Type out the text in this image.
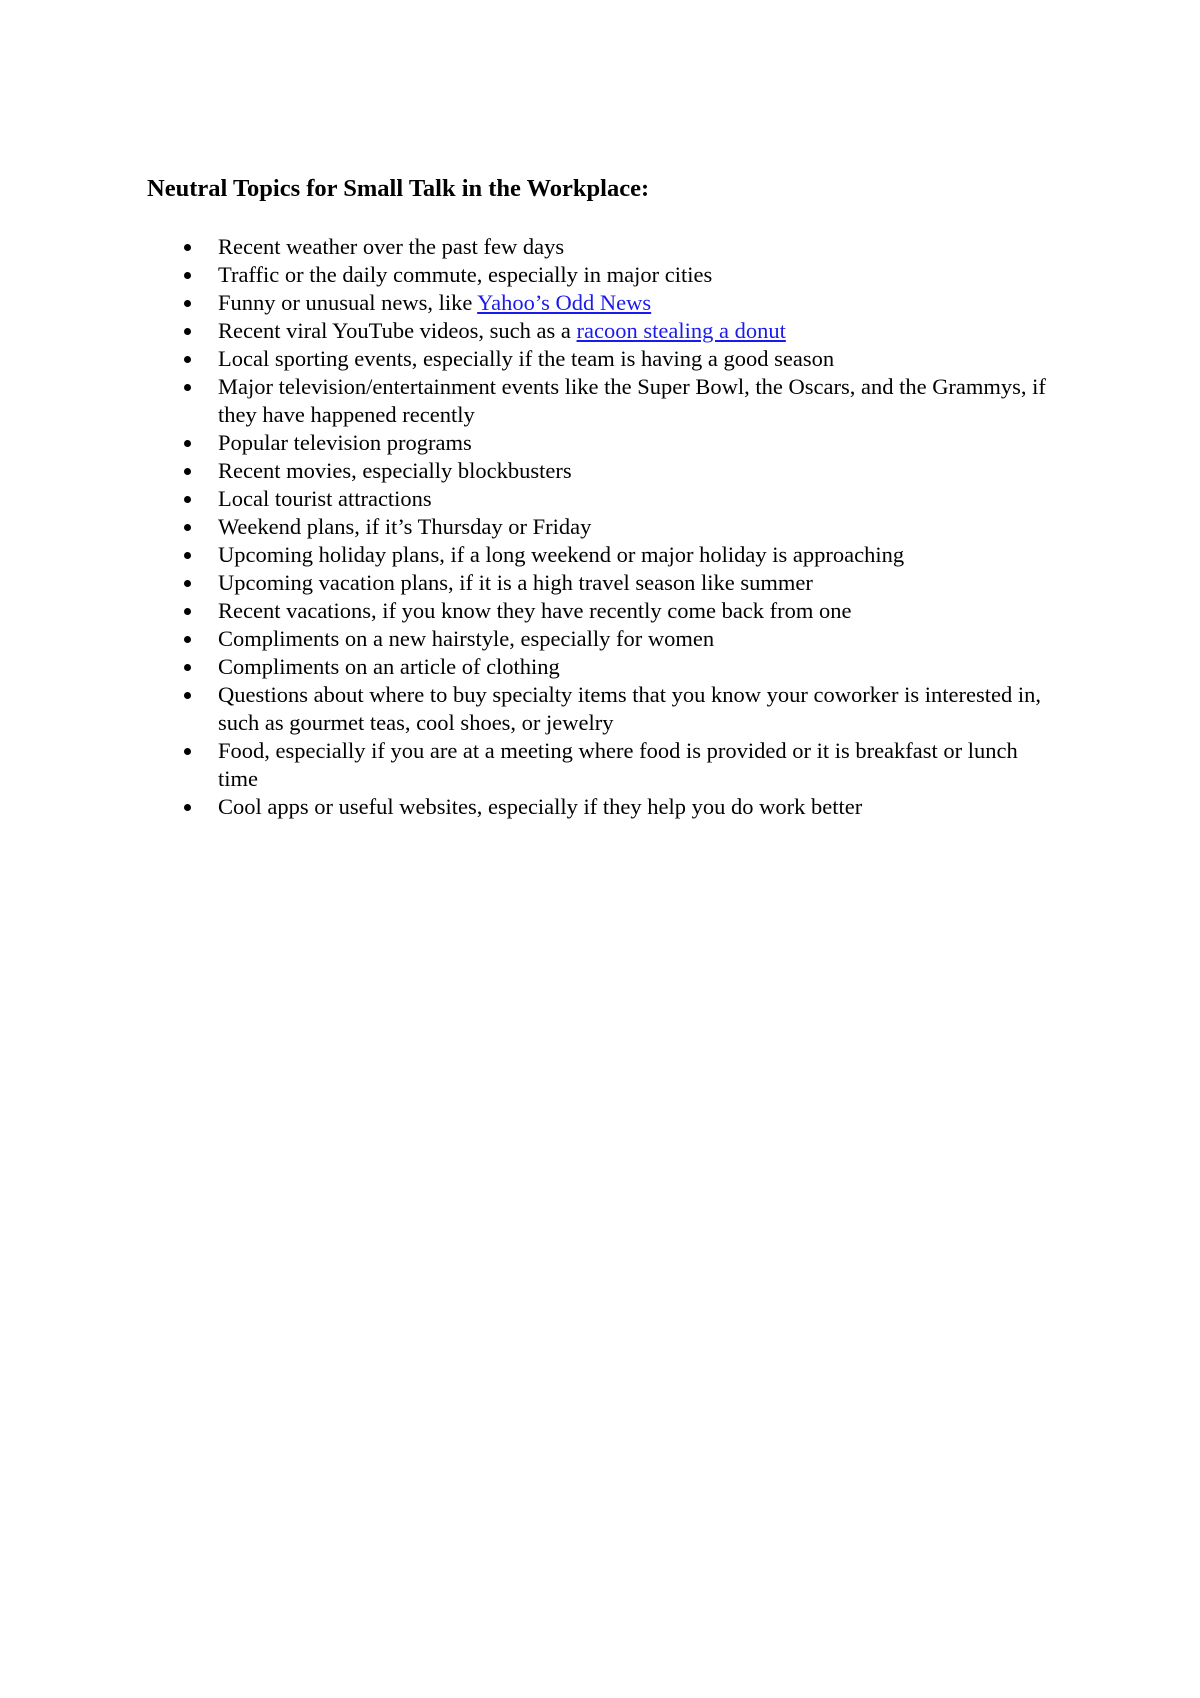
Neutral Topics for Small Talk in the Workplace:
Recent weather over the past few days
Traffic or the daily commute, especially in major cities
Funny or unusual news, like Yahoo’s Odd News
Recent viral YouTube videos, such as a racoon stealing a donut
Local sporting events, especially if the team is having a good season
Major television/entertainment events like the Super Bowl, the Oscars, and the Grammys, if they have happened recently
Popular television programs
Recent movies, especially blockbusters
Local tourist attractions
Weekend plans, if it’s Thursday or Friday
Upcoming holiday plans, if a long weekend or major holiday is approaching
Upcoming vacation plans, if it is a high travel season like summer
Recent vacations, if you know they have recently come back from one
Compliments on a new hairstyle, especially for women
Compliments on an article of clothing
Questions about where to buy specialty items that you know your coworker is interested in, such as gourmet teas, cool shoes, or jewelry
Food, especially if you are at a meeting where food is provided or it is breakfast or lunch time
Cool apps or useful websites, especially if they help you do work better
